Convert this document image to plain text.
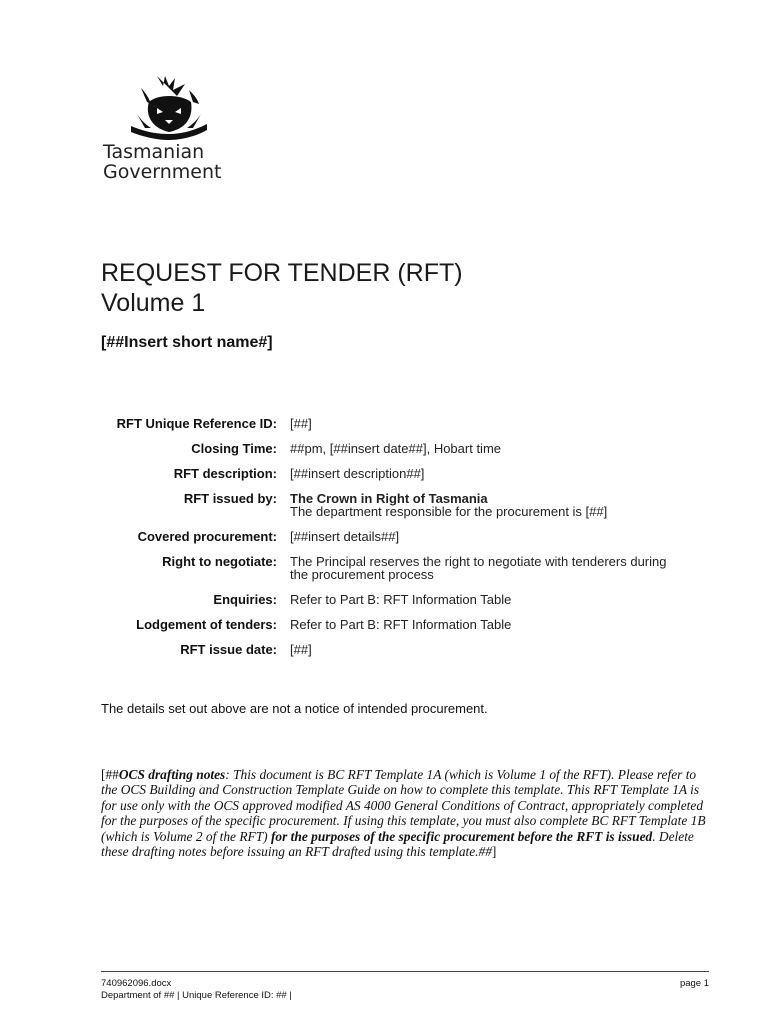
Tasmanian
Government
REQUEST FOR TENDER (RFT)
Volume 1
[##Insert short name#]
RFT Unique Reference ID:	[##]
Closing Time:	##pm, [##insert date##], Hobart time
RFT description:	[##insert description##]
RFT issued by:	The Crown in Right of Tasmania
The department responsible for the procurement is [##]

Covered procurement:	[##insert details##]
Right to negotiate:	The Principal reserves the right to negotiate with tenderers during the procurement process
Enquiries:	Refer to Part B: RFT Information Table
Lodgement of tenders:	Refer to Part B: RFT Information Table
RFT issue date:	[##]
The details set out above are not a notice of intended procurement.
[##OCS drafting notes: This document is BC RFT Template 1A (which is Volume 1 of the RFT). Please refer to the OCS Building and Construction Template Guide on how to complete this template. This RFT Template 1A is for use only with the OCS approved modified AS 4000 General Conditions of Contract, appropriately completed for the purposes of the specific procurement. If using this template, you must also complete BC RFT Template 1B (which is Volume 2 of the RFT) for the purposes of the specific procurement before the RFT is issued. Delete these drafting notes before issuing an RFT drafted using this template.##]
740962096.docx
Department of ## | Unique Reference ID: ## |
page 1
